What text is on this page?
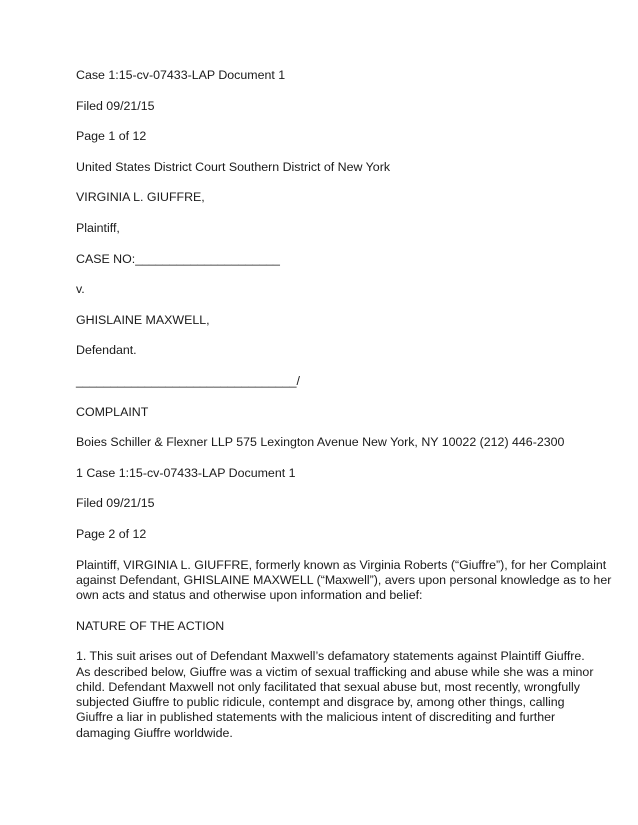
Case 1:15-cv-07433-LAP Document 1
Filed 09/21/15
Page 1 of 12
United States District Court Southern District of New York
VIRGINIA L. GIUFFRE,
Plaintiff,
CASE NO:_____________________
v.
GHISLAINE MAXWELL,
Defendant.
________________________________/
COMPLAINT
Boies Schiller & Flexner LLP 575 Lexington Avenue New York, NY 10022 (212) 446-2300
1 Case 1:15-cv-07433-LAP Document 1
Filed 09/21/15
Page 2 of 12
Plaintiff, VIRGINIA L. GIUFFRE, formerly known as Virginia Roberts (“Giuffre”), for her Complaint
against Defendant, GHISLAINE MAXWELL (“Maxwell”), avers upon personal knowledge as to her
own acts and status and otherwise upon information and belief:
NATURE OF THE ACTION
1. This suit arises out of Defendant Maxwell’s defamatory statements against Plaintiff Giuffre.
As described below, Giuffre was a victim of sexual trafficking and abuse while she was a minor
child. Defendant Maxwell not only facilitated that sexual abuse but, most recently, wrongfully
subjected Giuffre to public ridicule, contempt and disgrace by, among other things, calling
Giuffre a liar in published statements with the malicious intent of discrediting and further
damaging Giuffre worldwide.
